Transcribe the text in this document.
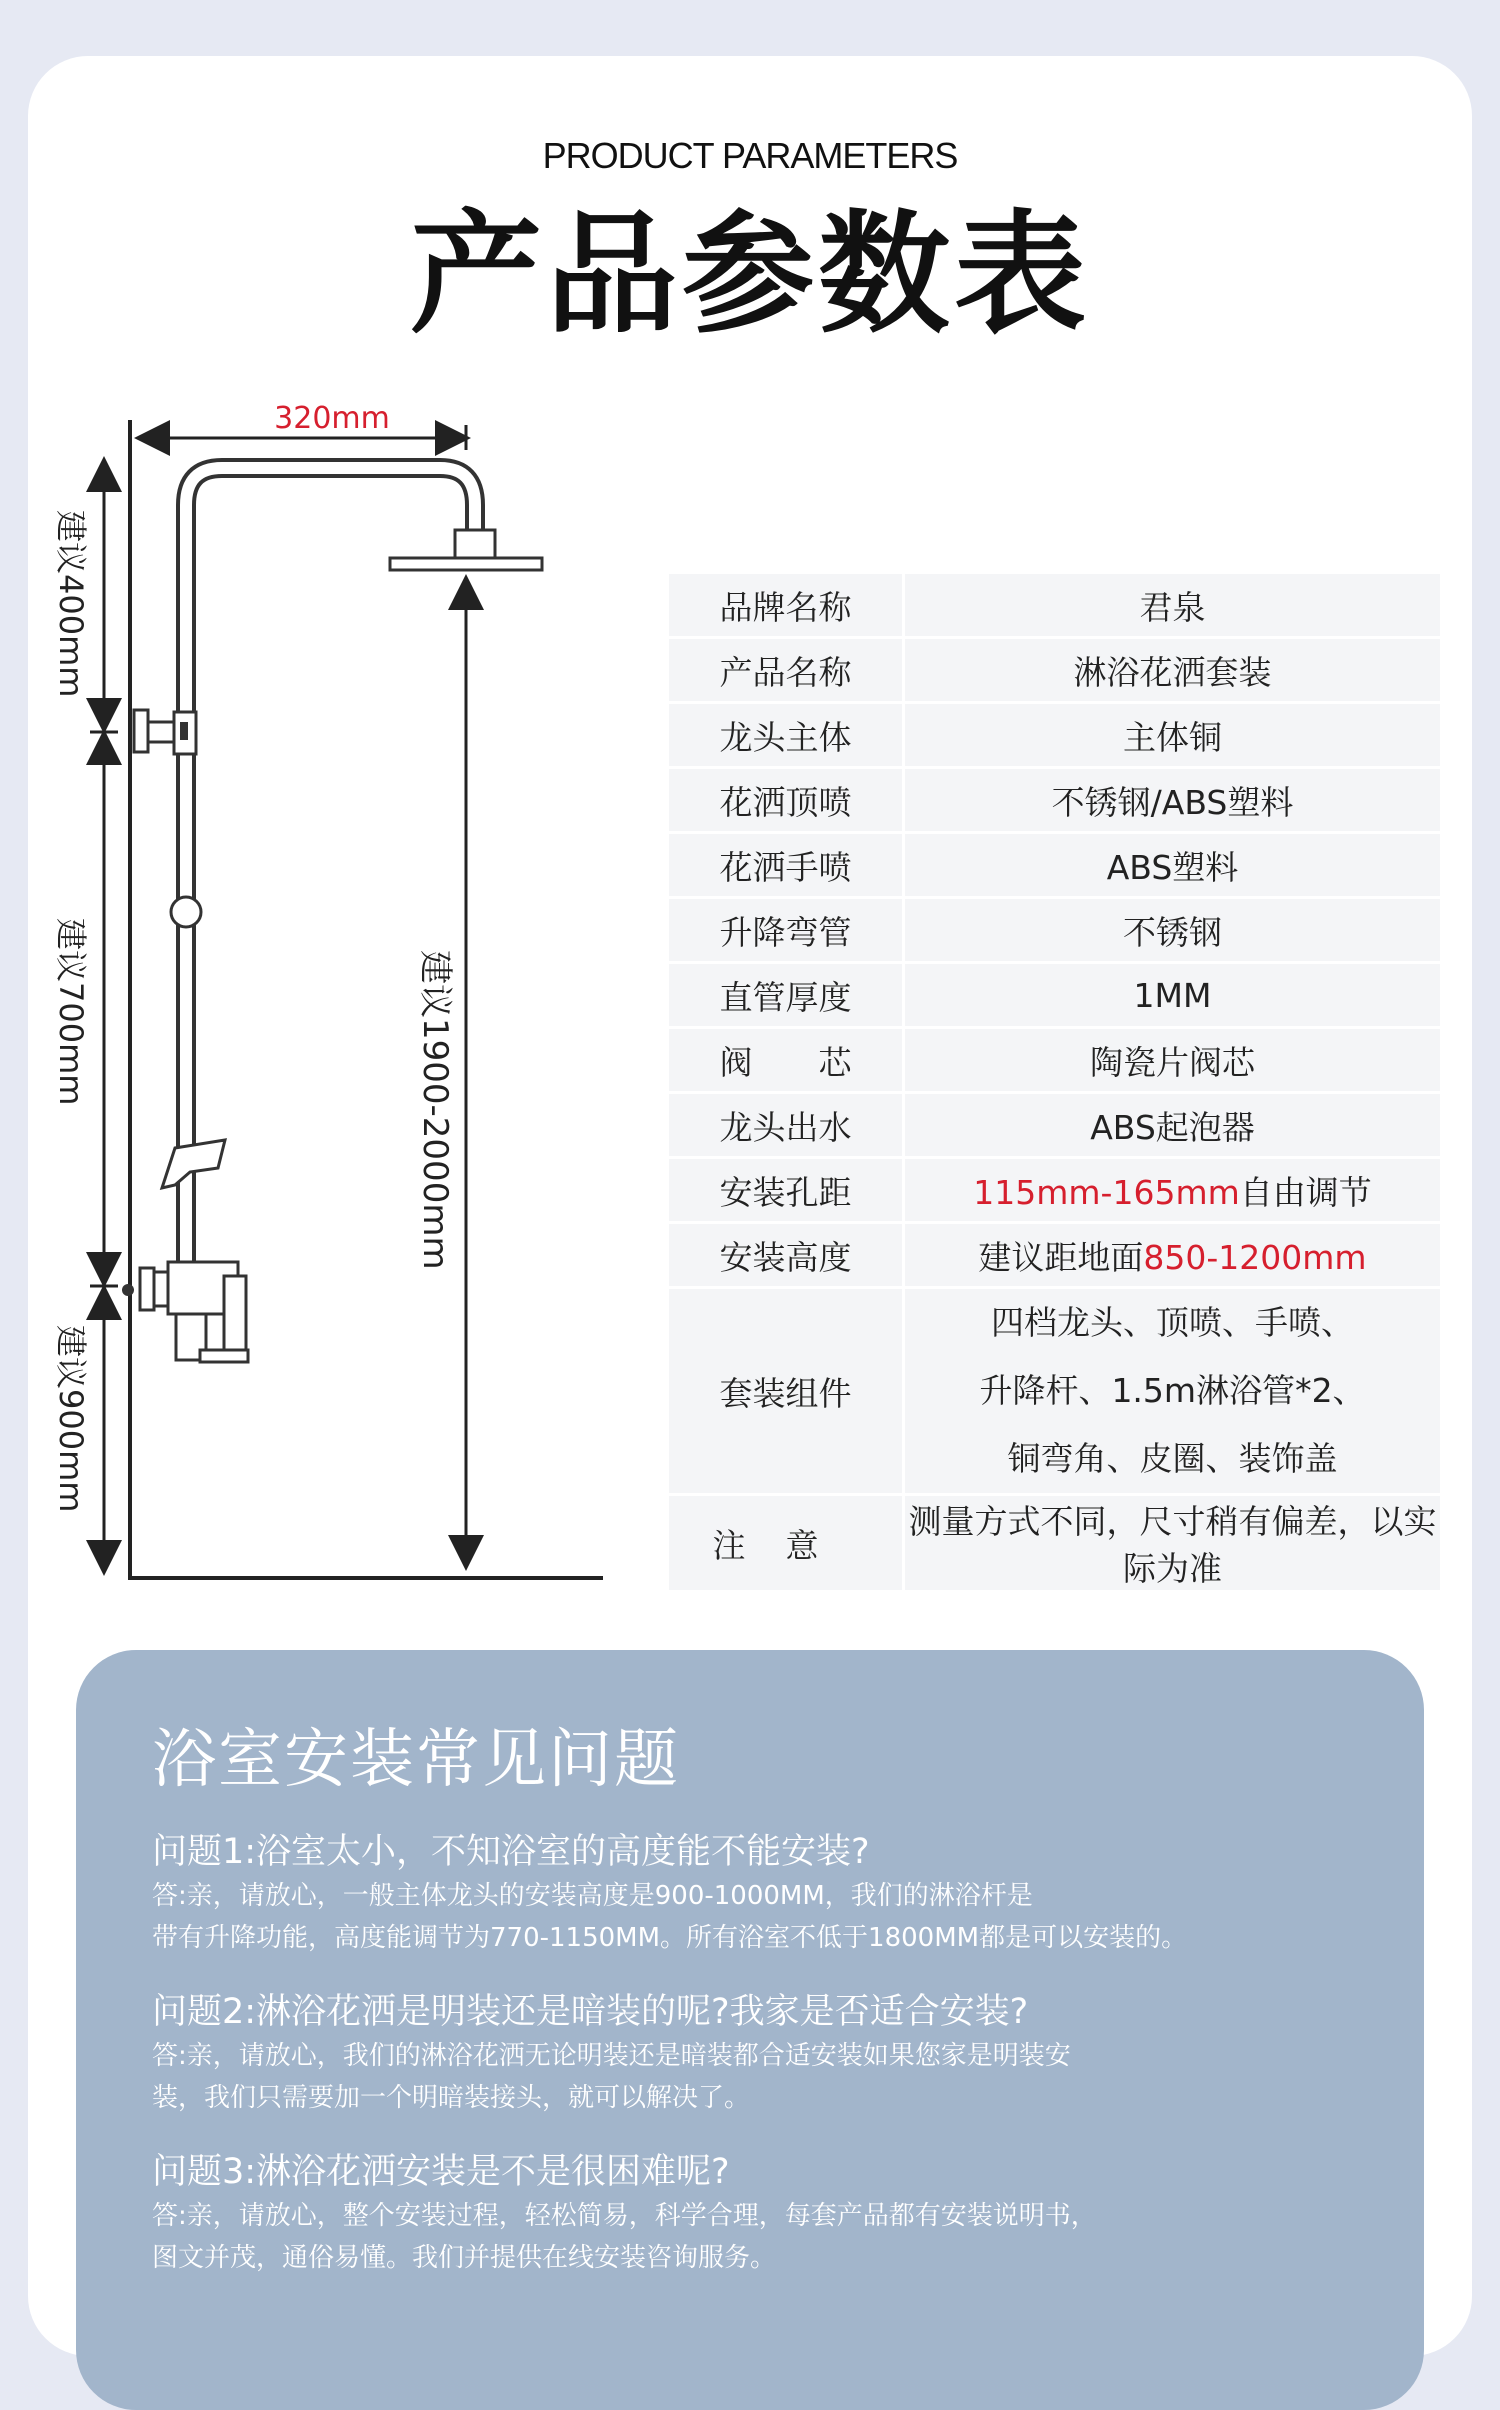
PRODUCT PARAMETERS
产品参数表
320mm
建议400mm
建议700mm
建议900mm
建议1900-2000mm
品牌名称	君泉
产品名称	淋浴花洒套装
龙头主体	主体铜
花洒顶喷	不锈钢/ABS塑料
花洒手喷	ABS塑料
升降弯管	不锈钢
直管厚度	1MM
阀　　芯	陶瓷片阀芯
龙头出水	ABS起泡器
安装孔距	115mm-165mm自由调节
安装高度	建议距地面850-1200mm
套装组件	四档龙头、顶喷、手喷、
升降杆、1.5m淋浴管*2、
铜弯角、皮圈、装饰盖

注意	测量方式不同，尺寸稍有偏差，以实际为准
浴室安装常见问题
问题1:浴室太小，不知浴室的高度能不能安装?
答:亲，请放心，一般主体龙头的安装高度是900-1000MM，我们的淋浴杆是
带有升降功能，高度能调节为770-1150MM。所有浴室不低于1800MM都是可以安装的。
问题2:淋浴花洒是明装还是暗装的呢?我家是否适合安装?
答:亲，请放心，我们的淋浴花洒无论明装还是暗装都合适安装如果您家是明装安
装，我们只需要加一个明暗装接头，就可以解决了。
问题3:淋浴花洒安装是不是很困难呢?
答:亲，请放心，整个安装过程，轻松简易，科学合理，每套产品都有安装说明书，
图文并茂，通俗易懂。我们并提供在线安装咨询服务。
